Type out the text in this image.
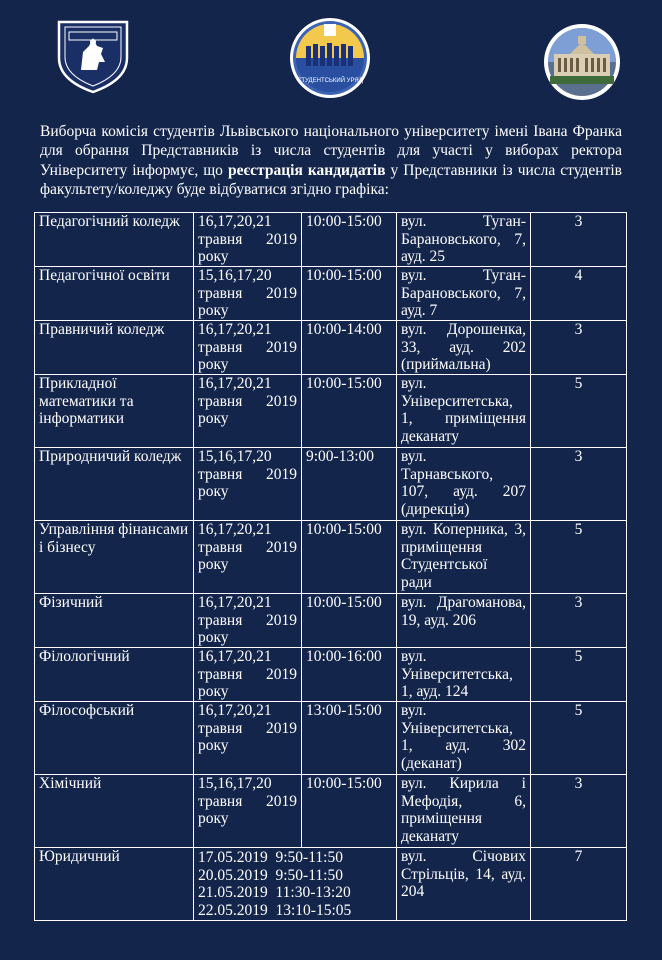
СТУДЕНТСЬКИЙ УРЯД

Виборча комісія студентів Львівського національного університету імені Івана Франка для обрання Представників із числа студентів для участі у виборах ректора Університету інформує, що реєстрація кандидатів у Представники із числа студентів факультету/коледжу буде відбуватися згідно графіка:

Педагогічний коледж	16,17,20,21
травня 2019
року	10:00-15:00	вул. Туган-
Барановського, 7,
ауд. 25	3
Педагогічної освіти	15,16,17,20
травня 2019
року	10:00-15:00	вул. Туган-
Барановського, 7,
ауд. 7	4
Правничий коледж	16,17,20,21
травня 2019
року	10:00-14:00	вул. Дорошенка,
33, ауд. 202
(приймальна)	3
Прикладної математики та інформатики	16,17,20,21
травня 2019
року	10:00-15:00	вул.
Університетська,
1, приміщення
деканату	5
Природничий коледж	15,16,17,20
травня 2019
року	9:00-13:00	вул.
Тарнавського,
107, ауд. 207
(дирекція)	3
Управління фінансами і бізнесу	16,17,20,21
травня 2019
року	10:00-15:00	вул. Коперника, 3,
приміщення
Студентської
ради	5
Фізичний	16,17,20,21
травня 2019
року	10:00-15:00	вул. Драгоманова,
19, ауд. 206	3
Філологічний	16,17,20,21
травня 2019
року	10:00-16:00	вул.
Університетська,
1, ауд. 124	5
Філософський	16,17,20,21
травня 2019
року	13:00-15:00	вул.
Університетська,
1, ауд. 302
(деканат)	5
Хімічний	15,16,17,20
травня 2019
року	10:00-15:00	вул. Кирила і
Мефодія, 6,
приміщення
деканату	3
Юридичний	17.05.2019  9:50-11:50
20.05.2019  9:50-11:50
21.05.2019  11:30-13:20
22.05.2019  13:10-15:05		вул. Січових
Стрільців, 14, ауд.
204	7
